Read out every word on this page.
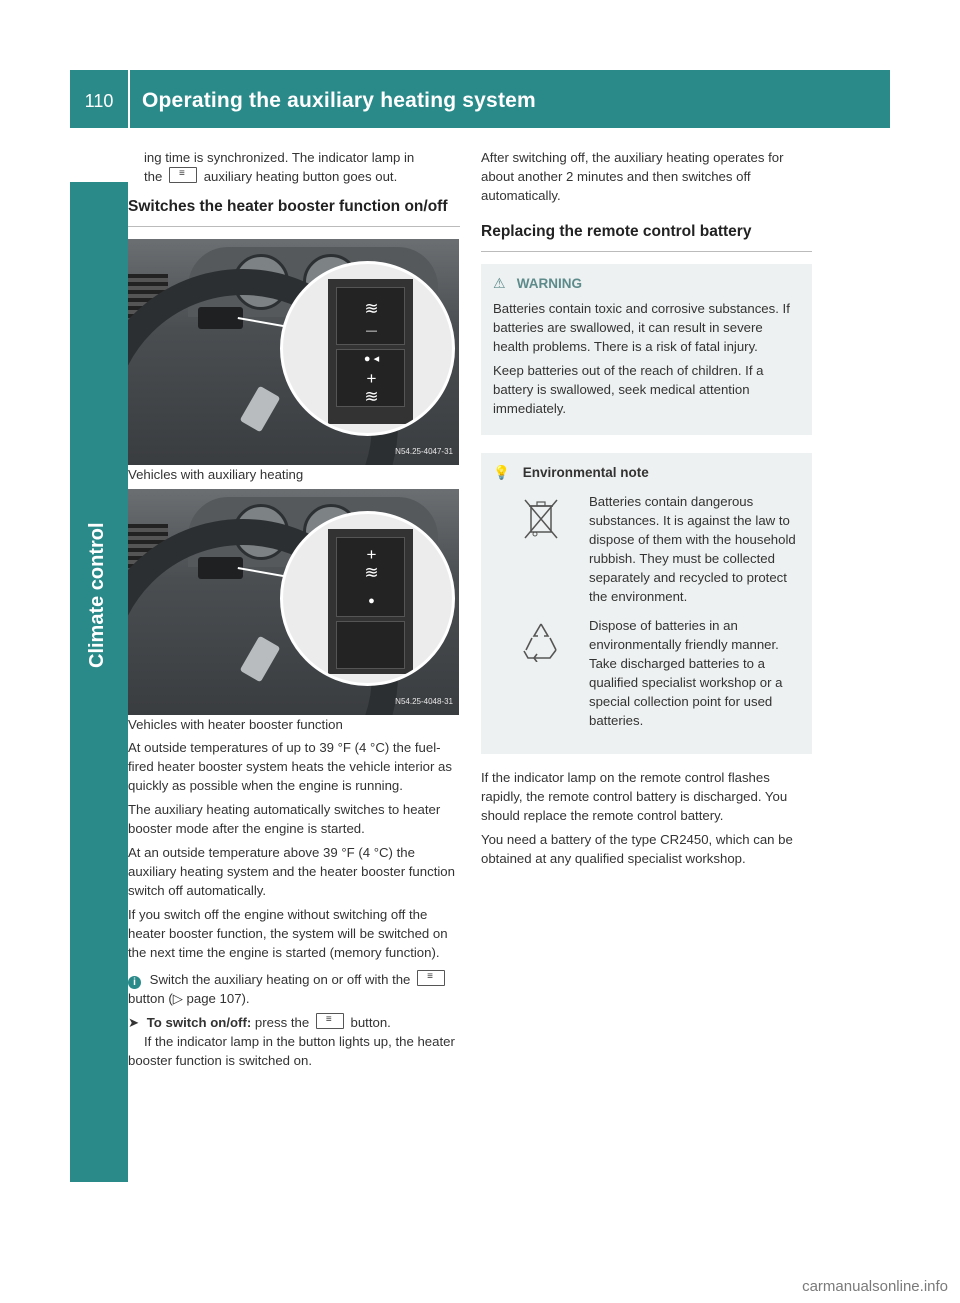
110	Operating the auxiliary heating system
Climate control

ing time is synchronized. The indicator lamp in
the ≡	auxiliary heating button goes out.

Switches the heater booster function on/off
≋
—
● ◂
+
≋
N54.25-4047-31

Vehicles with auxiliary heating

+
≋
●
N54.25-4048-31

Vehicles with heater booster function

At outside temperatures of up to 39 °F (4 °C) the fuel-fired heater booster system heats the vehicle interior as quickly as possible when the engine is running.

The auxiliary heating automatically switches to heater booster mode after the engine is started.

At an outside temperature above 39 °F (4 °C) the auxiliary heating system and the heater booster function switch off automatically.

If you switch off the engine without switching off the heater booster function, the system will be switched on the next time the engine is started (memory function).

i Switch the auxiliary heating on or off with the ≡ button (▷ page 107).

➤ To switch on/off: press the ≡	button.
If the indicator lamp in the button lights up, the heater booster function is switched on.

After switching off, the auxiliary heating operates for about another 2 minutes and then switches off automatically.

Replacing the remote control battery
⚠ WARNING

Batteries contain toxic and corrosive substances. If batteries are swallowed, it can result in severe health problems. There is a risk of fatal injury.

Keep batteries out of the reach of children. If a battery is swallowed, seek medical attention immediately.

💡 Environmental note
Batteries contain dangerous substances. It is against the law to dispose of them with the household rubbish. They must be collected separately and recycled to protect the environment.
Dispose of batteries in an environmentally friendly manner. Take discharged batteries to a qualified specialist workshop or a special collection point for used batteries.

If the indicator lamp on the remote control flashes rapidly, the remote control battery is discharged. You should replace the remote control battery.

You need a battery of the type CR2450, which can be obtained at any qualified specialist workshop.

carmanualsonline.info
